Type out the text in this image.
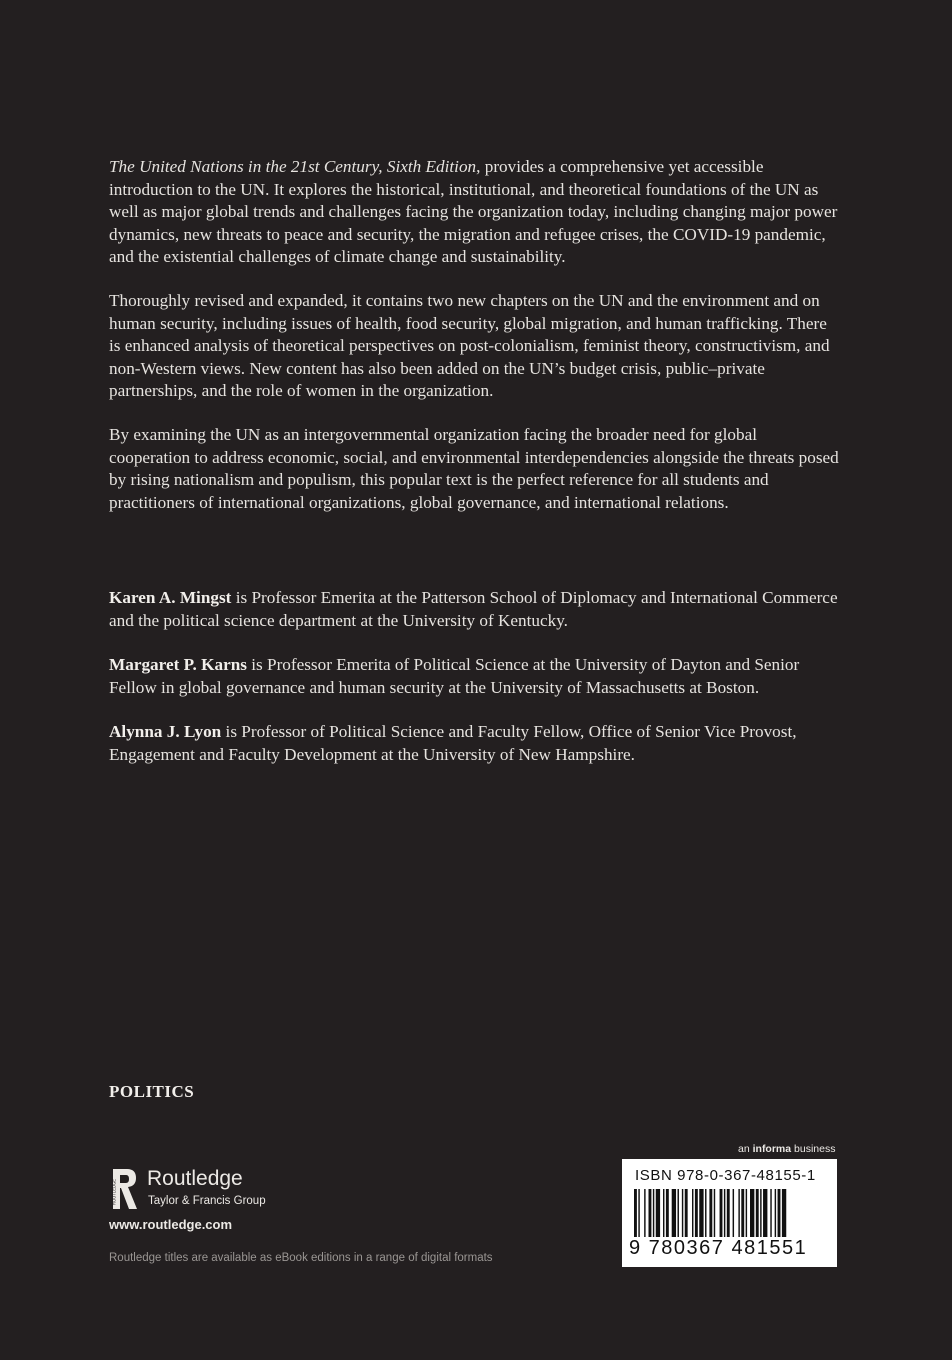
The United Nations in the 21st Century, Sixth Edition, provides a comprehensive yet accessible introduction to the UN. It explores the historical, institutional, and theoretical foundations of the UN as well as major global trends and challenges facing the organization today, including changing major power dynamics, new threats to peace and security, the migration and refugee crises, the COVID-19 pandemic, and the existential challenges of climate change and sustainability.

Thoroughly revised and expanded, it contains two new chapters on the UN and the environment and on human security, including issues of health, food security, global migration, and human trafficking. There is enhanced analysis of theoretical perspectives on post-colonialism, feminist theory, constructivism, and non-Western views. New content has also been added on the UN’s budget crisis, public–private partnerships, and the role of women in the organization.

By examining the UN as an intergovernmental organization facing the broader need for global cooperation to address economic, social, and environmental interdependencies alongside the threats posed by rising nationalism and populism, this popular text is the perfect reference for all students and practitioners of international organizations, global governance, and international relations.

Karen A. Mingst is Professor Emerita at the Patterson School of Diplomacy and International Commerce and the political science department at the University of Kentucky.

Margaret P. Karns is Professor Emerita of Political Science at the University of Dayton and Senior Fellow in global governance and human security at the University of Massachusetts at Boston.

Alynna J. Lyon is Professor of Political Science and Faculty Fellow, Office of Senior Vice Provost, Engagement and Faculty Development at the University of New Hampshire.

POLITICS
ROUTLEDGE
Routledge
Taylor & Francis Group
www.routledge.com
Routledge titles are available as eBook editions in a range of digital formats
an informa business
ISBN 978-0-367-48155-1
9 780367 481551
